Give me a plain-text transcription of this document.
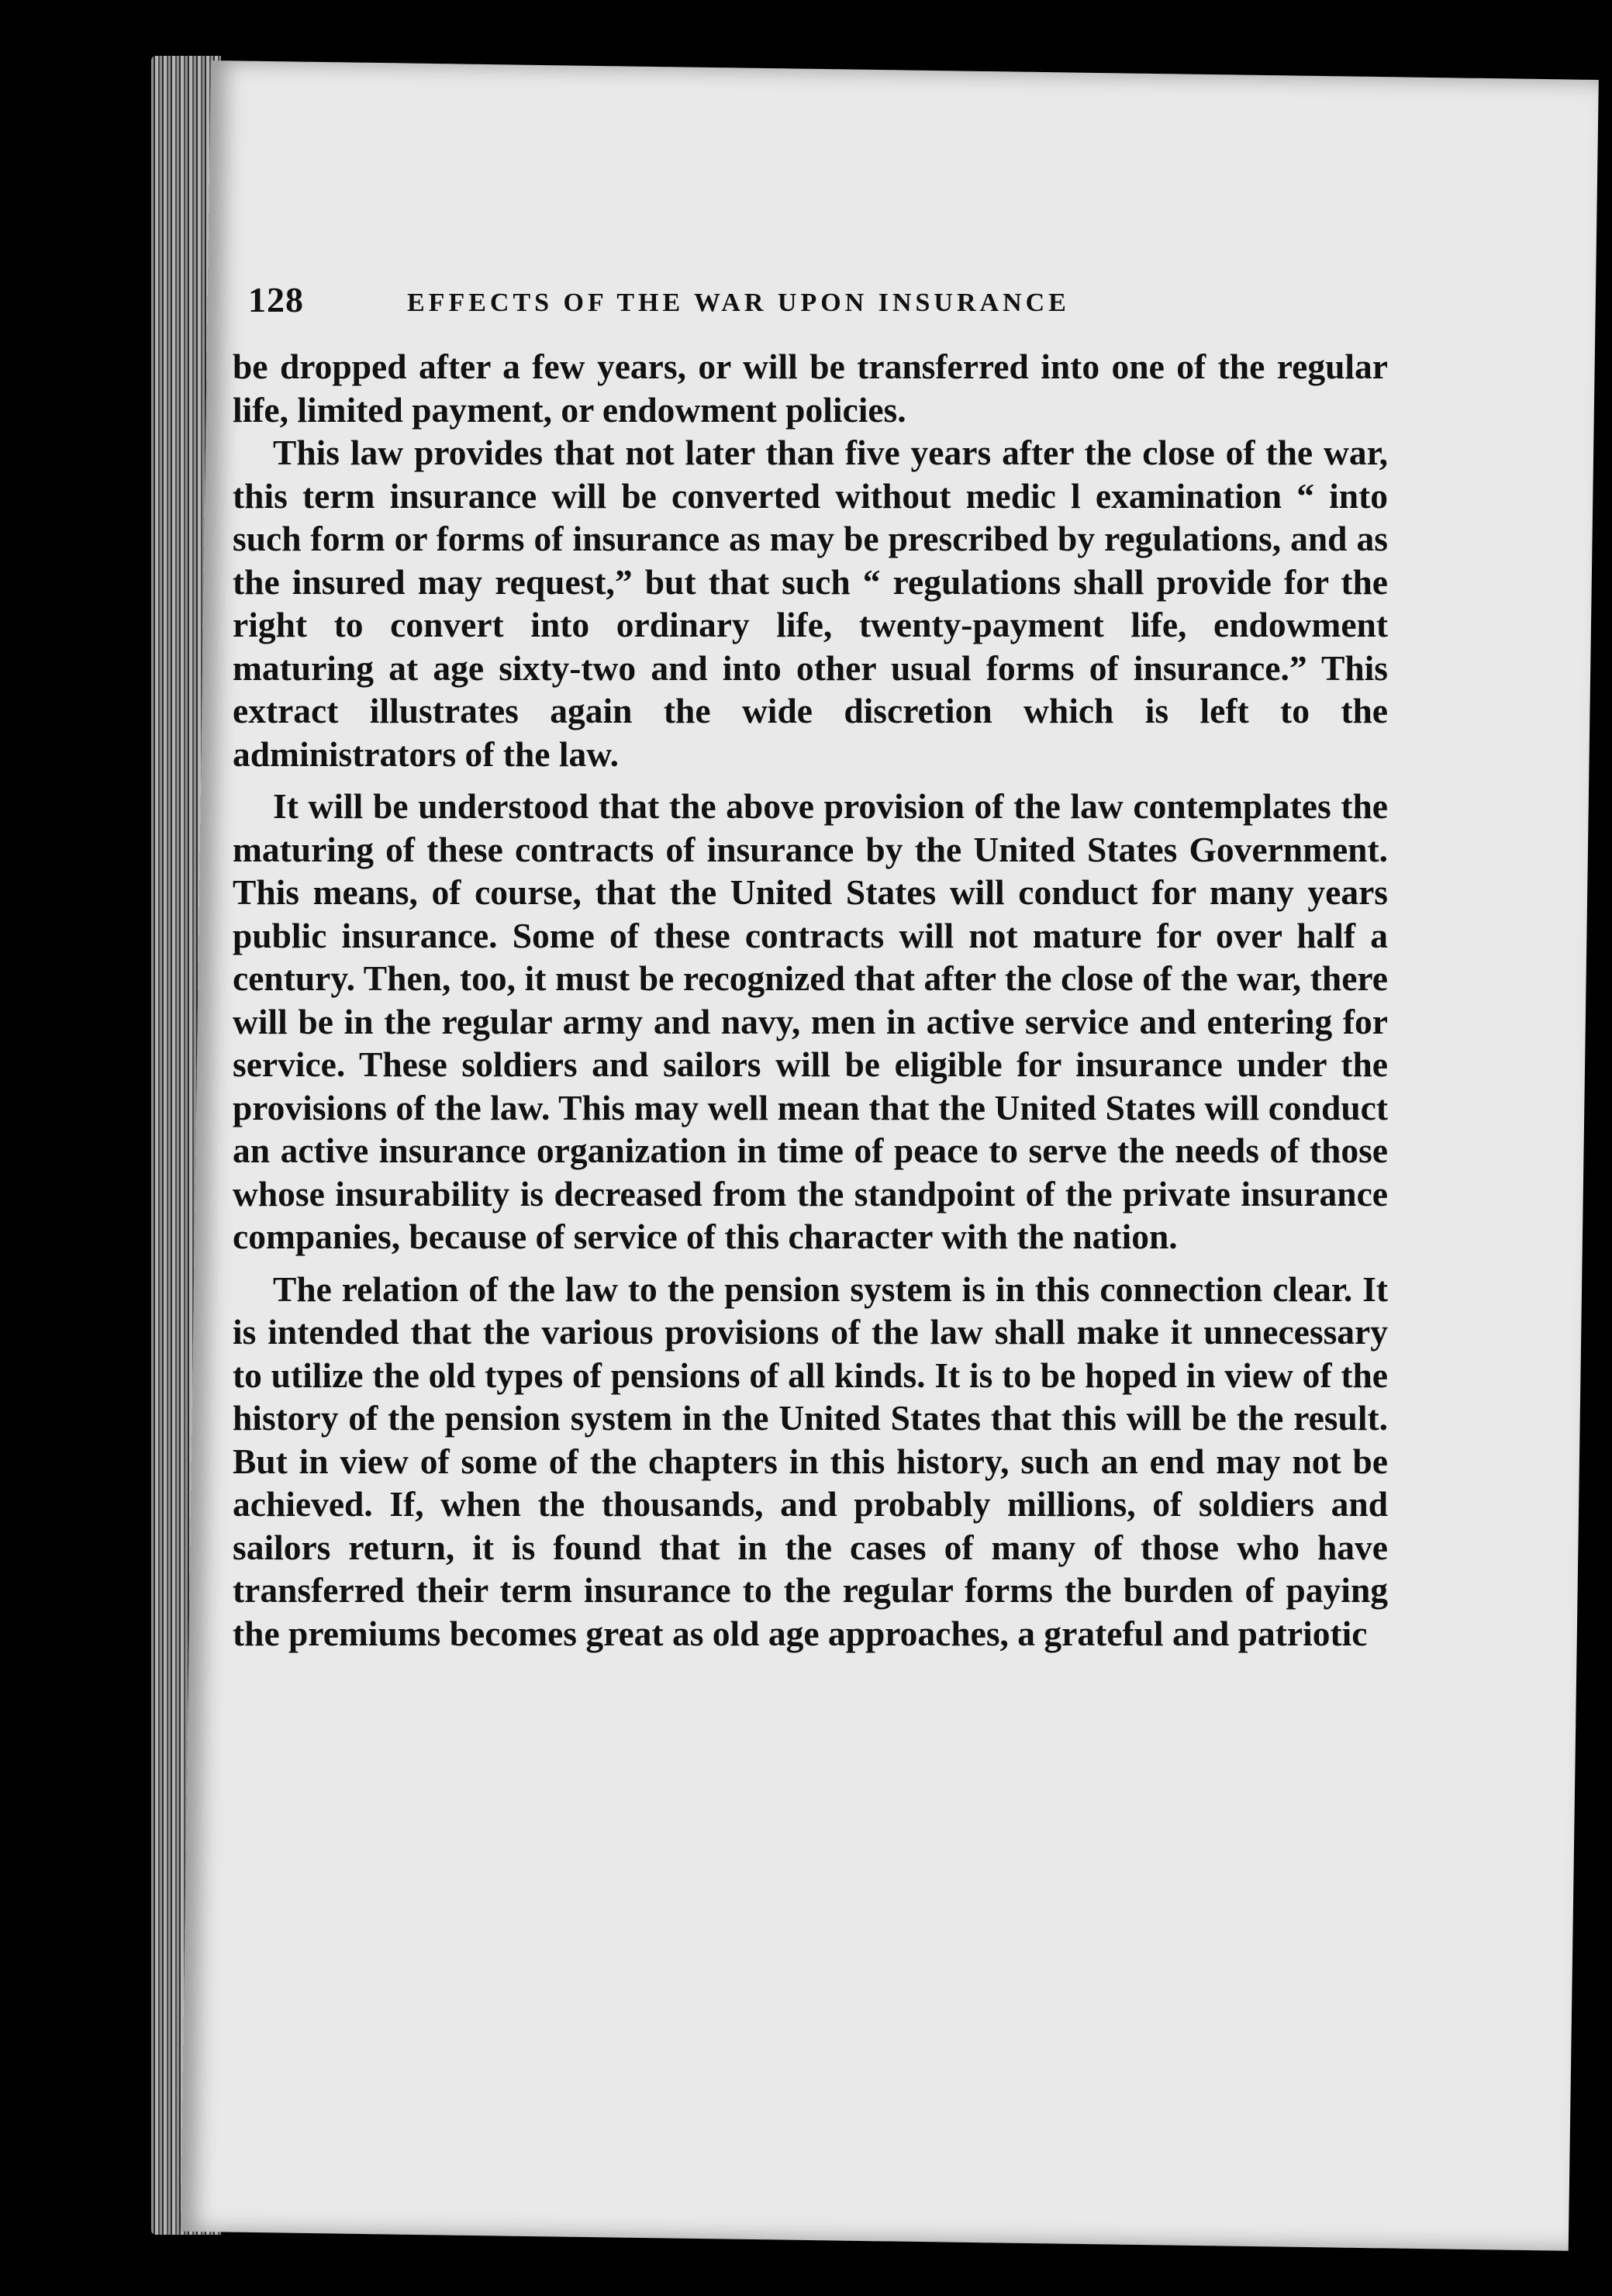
128	EFFECTS OF THE WAR UPON INSURANCE

be dropped after a few years, or will be transferred into one of the regular life, limited payment, or endowment policies.

This law provides that not later than five years after the close of the war, this term insurance will be converted without medic l examination “ into such form or forms of insurance as may be prescribed by regulations, and as the insured may request,” but that such “ regulations shall provide for the right to convert into ordinary life, twenty-payment life, endowment maturing at age sixty-two and into other usual forms of insurance.” This extract illustrates again the wide discretion which is left to the administrators of the law.

It will be understood that the above provision of the law contemplates the maturing of these contracts of insurance by the United States Government. This means, of course, that the United States will conduct for many years public insurance. Some of these contracts will not mature for over half a century. Then, too, it must be recognized that after the close of the war, there will be in the regular army and navy, men in active service and entering for service. These soldiers and sailors will be eligible for insurance under the provisions of the law. This may well mean that the United States will conduct an active insurance organization in time of peace to serve the needs of those whose insurability is decreased from the standpoint of the private insurance companies, because of service of this character with the nation.

The relation of the law to the pension system is in this connection clear. It is intended that the various provisions of the law shall make it unnecessary to utilize the old types of pensions of all kinds. It is to be hoped in view of the history of the pension system in the United States that this will be the result. But in view of some of the chapters in this history, such an end may not be achieved. If, when the thousands, and probably millions, of soldiers and sailors return, it is found that in the cases of many of those who have transferred their term insurance to the regular forms the burden of paying the premiums becomes great as old age approaches, a grateful and patriotic
